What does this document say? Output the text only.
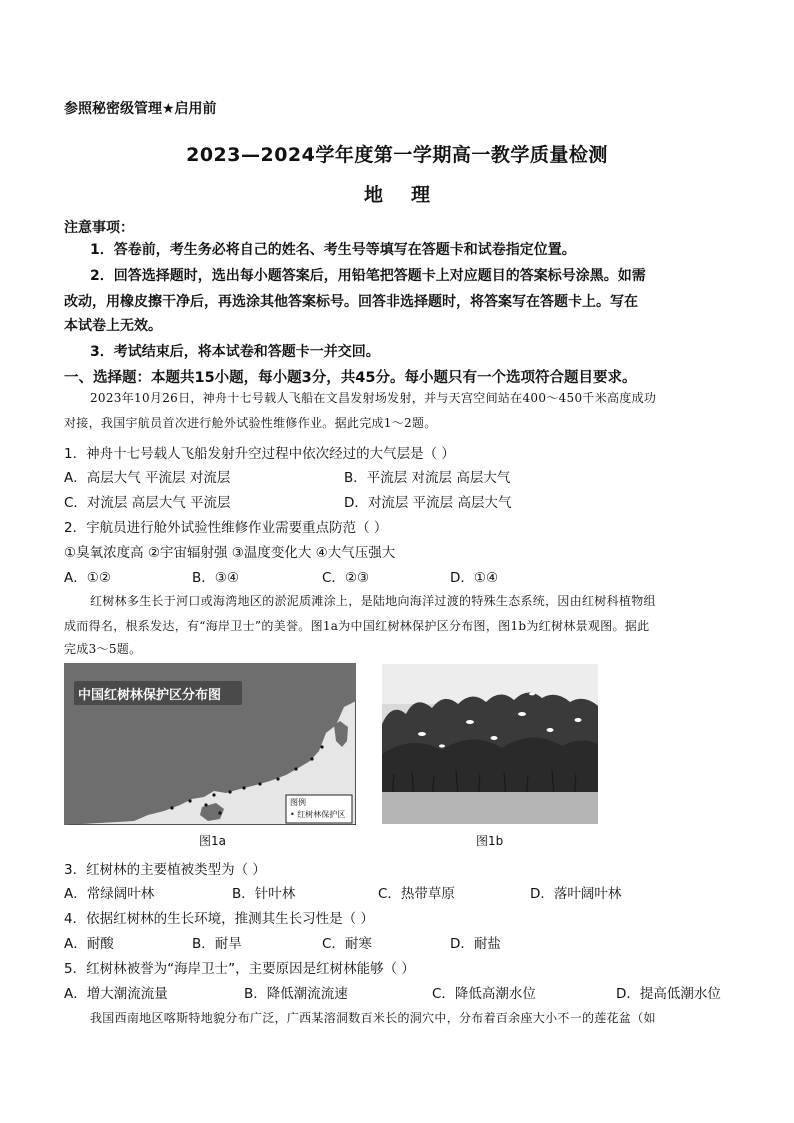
参照秘密级管理★启用前
2023—2024学年度第一学期高一教学质量检测
地理
注意事项：
1．答卷前，考生务必将自己的姓名、考生号等填写在答题卡和试卷指定位置。
2．回答选择题时，选出每小题答案后，用铅笔把答题卡上对应题目的答案标号涂黑。如需
改动，用橡皮擦干净后，再选涂其他答案标号。回答非选择题时，将答案写在答题卡上。写在
本试卷上无效。
3．考试结束后，将本试卷和答题卡一并交回。
一、选择题：本题共15小题，每小题3分，共45分。每小题只有一个选项符合题目要求。
2023年10月26日，神舟十七号载人飞船在文昌发射场发射，并与天宫空间站在400～450千米高度成功
对接，我国宇航员首次进行舱外试验性维修作业。据此完成1～2题。
1．神舟十七号载人飞船发射升空过程中依次经过的大气层是（ ）
A．高层大气 平流层 对流层	B．平流层 对流层 高层大气
C．对流层 高层大气 平流层	D．对流层 平流层 高层大气
2．宇航员进行舱外试验性维修作业需要重点防范（ ）
①臭氧浓度高 ②宇宙辐射强 ③温度变化大 ④大气压强大
A．①②	B．③④	C．②③	D．①④
红树林多生长于河口或海湾地区的淤泥质滩涂上，是陆地向海洋过渡的特殊生态系统，因由红树科植物组
成而得名，根系发达，有“海岸卫士”的美誉。图1a为中国红树林保护区分布图，图1b为红树林景观图。据此
完成3～5题。
中国红树林保护区分布图
图例
• 红树林保护区
图1a	图1b
3．红树林的主要植被类型为（ ）
A．常绿阔叶林	B．针叶林	C．热带草原	D．落叶阔叶林
4．依据红树林的生长环境，推测其生长习性是（ ）
A．耐酸	B．耐旱	C．耐寒	D．耐盐
5．红树林被誉为“海岸卫士”，主要原因是红树林能够（ ）
A．增大潮流流量	B．降低潮流流速	C．降低高潮水位	D．提高低潮水位
我国西南地区喀斯特地貌分布广泛，广西某溶洞数百米长的洞穴中，分布着百余座大小不一的莲花盆（如
